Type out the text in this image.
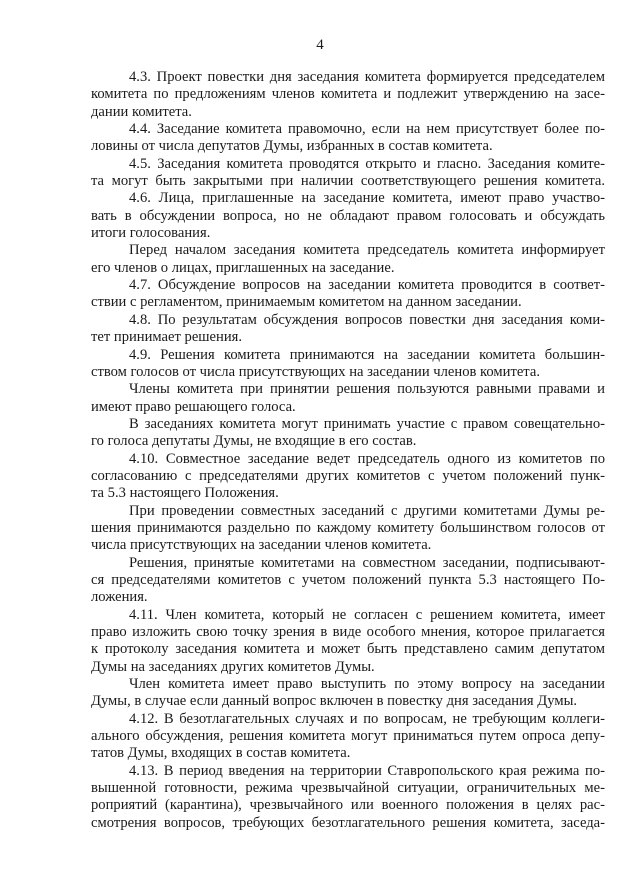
4
4.3. Проект повестки дня заседания комитета формируется председателем
комитета по предложениям членов комитета и подлежит утверждению на засе-
дании комитета.
4.4. Заседание комитета правомочно, если на нем присутствует более по-
ловины от числа депутатов Думы, избранных в состав комитета.
4.5. Заседания комитета проводятся открыто и гласно. Заседания комите-
та могут быть закрытыми при наличии соответствующего решения комитета.
4.6. Лица, приглашенные на заседание комитета, имеют право участво-
вать в обсуждении вопроса, но не обладают правом голосовать и обсуждать
итоги голосования.
Перед началом заседания комитета председатель комитета информирует
его членов о лицах, приглашенных на заседание.
4.7. Обсуждение вопросов на заседании комитета проводится в соответ-
ствии с регламентом, принимаемым комитетом на данном заседании.
4.8. По результатам обсуждения вопросов повестки дня заседания коми-
тет принимает решения.
4.9. Решения комитета принимаются на заседании комитета большин-
ством голосов от числа присутствующих на заседании членов комитета.
Члены комитета при принятии решения пользуются равными правами и
имеют право решающего голоса.
В заседаниях комитета могут принимать участие с правом совещательно-
го голоса депутаты Думы, не входящие в его состав.
4.10. Совместное заседание ведет председатель одного из комитетов по
согласованию с председателями других комитетов с учетом положений пунк-
та 5.3 настоящего Положения.
При проведении совместных заседаний с другими комитетами Думы ре-
шения принимаются раздельно по каждому комитету большинством голосов от
числа присутствующих на заседании членов комитета.
Решения, принятые комитетами на совместном заседании, подписывают-
ся председателями комитетов с учетом положений пункта 5.3 настоящего По-
ложения.
4.11. Член комитета, который не согласен с решением комитета, имеет
право изложить свою точку зрения в виде особого мнения, которое прилагается
к протоколу заседания комитета и может быть представлено самим депутатом
Думы на заседаниях других комитетов Думы.
Член комитета имеет право выступить по этому вопросу на заседании
Думы, в случае если данный вопрос включен в повестку дня заседания Думы.
4.12. В безотлагательных случаях и по вопросам, не требующим коллеги-
ального обсуждения, решения комитета могут приниматься путем опроса депу-
татов Думы, входящих в состав комитета.
4.13. В период введения на территории Ставропольского края режима по-
вышенной готовности, режима чрезвычайной ситуации, ограничительных ме-
роприятий (карантина), чрезвычайного или военного положения в целях рас-
смотрения вопросов, требующих безотлагательного решения комитета, заседа-
